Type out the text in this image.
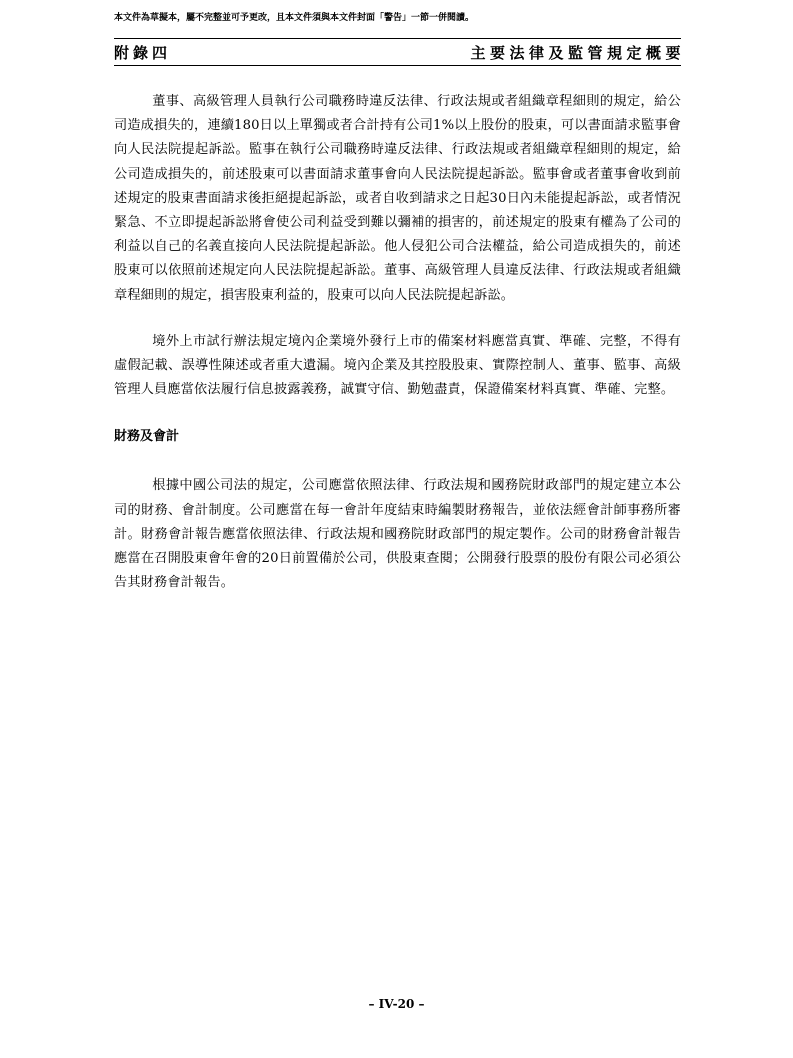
本文件為草擬本，屬不完整並可予更改，且本文件須與本文件封面「警告」一節一併閱讀。
附錄四	主要法律及監管規定概要

董事、高級管理人員執行公司職務時違反法律、行政法規或者組織章程細則的規定，給公司造成損失的，連續180日以上單獨或者合計持有公司1%以上股份的股東，可以書面請求監事會向人民法院提起訴訟。監事在執行公司職務時違反法律、行政法規或者組織章程細則的規定，給公司造成損失的，前述股東可以書面請求董事會向人民法院提起訴訟。監事會或者董事會收到前述規定的股東書面請求後拒絕提起訴訟，或者自收到請求之日起30日內未能提起訴訟，或者情況緊急、不立即提起訴訟將會使公司利益受到難以彌補的損害的，前述規定的股東有權為了公司的利益以自己的名義直接向人民法院提起訴訟。他人侵犯公司合法權益，給公司造成損失的，前述股東可以依照前述規定向人民法院提起訴訟。董事、高級管理人員違反法律、行政法規或者組織章程細則的規定，損害股東利益的，股東可以向人民法院提起訴訟。

境外上市試行辦法規定境內企業境外發行上市的備案材料應當真實、準確、完整，不得有虛假記載、誤導性陳述或者重大遺漏。境內企業及其控股股東、實際控制人、董事、監事、高級管理人員應當依法履行信息披露義務，誠實守信、勤勉盡責，保證備案材料真實、準確、完整。

財務及會計

根據中國公司法的規定，公司應當依照法律、行政法規和國務院財政部門的規定建立本公司的財務、會計制度。公司應當在每一會計年度結束時編製財務報告，並依法經會計師事務所審計。財務會計報告應當依照法律、行政法規和國務院財政部門的規定製作。公司的財務會計報告應當在召開股東會年會的20日前置備於公司，供股東查閱；公開發行股票的股份有限公司必須公告其財務會計報告。

– IV-20 –
